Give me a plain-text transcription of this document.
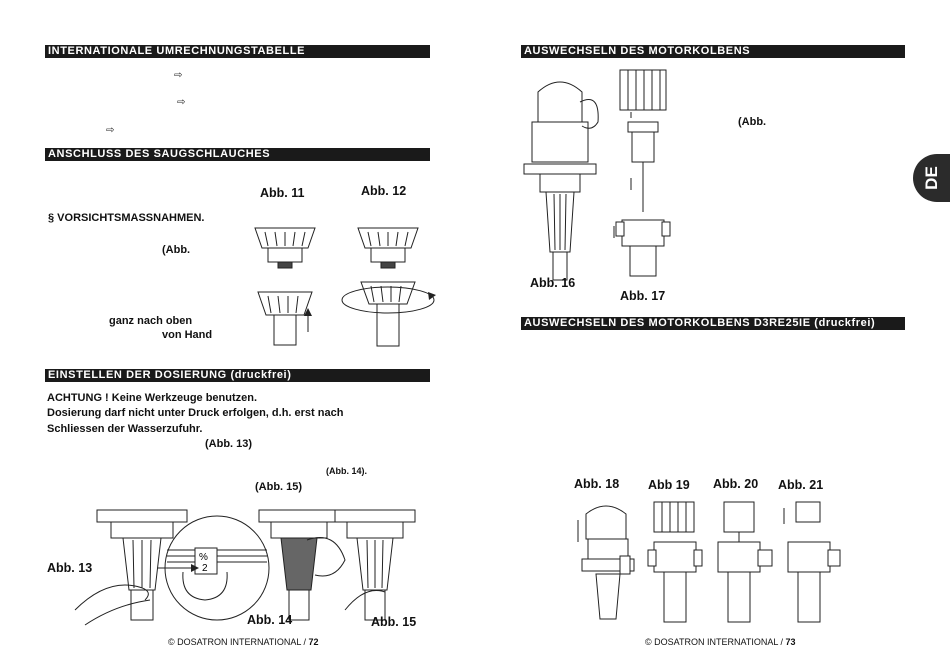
INTERNATIONALE UMRECHNUNGSTABELLE
⇨
⇨
⇨
ANSCHLUSS DES SAUGSCHLAUCHES
§ VORSICHTSMASSNAHMEN.
(Abb.
ganz nach oben
von Hand
Abb. 11	Abb. 12
EINSTELLEN DER DOSIERUNG (druckfrei)
ACHTUNG ! Keine Werkzeuge benutzen.
Dosierung darf nicht unter Druck erfolgen, d.h. erst nach
Schliessen der Wasserzufuhr.
(Abb. 13)
(Abb. 14).
(Abb. 15)
%
2
Abb. 13
Abb. 14	Abb. 15
© DOSATRON INTERNATIONAL / 72
AUSWECHSELN DES MOTORKOLBENS
(Abb.
Abb. 16
Abb. 17
AUSWECHSELN DES MOTORKOLBENS D3RE25IE (druckfrei)
Abb. 18 Abb 19 Abb. 20 Abb. 21
© DOSATRON INTERNATIONAL / 73
DE
